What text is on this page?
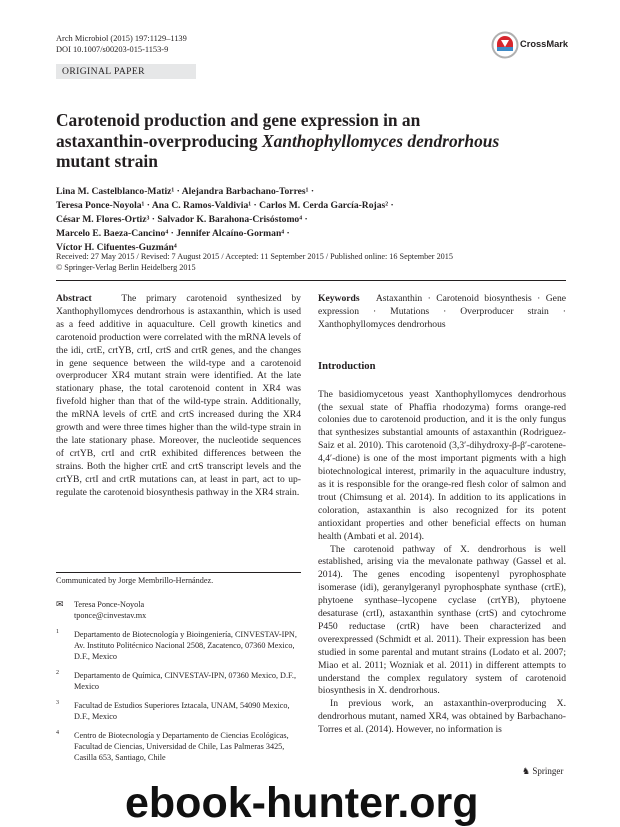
Arch Microbiol (2015) 197:1129–1139
DOI 10.1007/s00203-015-1153-9
ORIGINAL PAPER
CrossMark
Carotenoid production and gene expression in an
astaxanthin-overproducing Xanthophyllomyces dendrorhous
mutant strain
Lina M. Castelblanco-Matiz¹ · Alejandra Barbachano-Torres¹ ·
Teresa Ponce-Noyola¹ · Ana C. Ramos-Valdivia¹ · Carlos M. Cerda García-Rojas² ·
César M. Flores-Ortiz³ · Salvador K. Barahona-Crisóstomo⁴ ·
Marcelo E. Baeza-Cancino⁴ · Jennifer Alcaíno-Gorman⁴ ·
Víctor H. Cifuentes-Guzmán⁴
Received: 27 May 2015 / Revised: 7 August 2015 / Accepted: 11 September 2015 / Published online: 16 September 2015
© Springer-Verlag Berlin Heidelberg 2015

Abstract	The primary carotenoid synthesized by Xanthophyllomyces dendrorhous is astaxanthin, which is used as a feed additive in aquaculture. Cell growth kinetics and carotenoid production were correlated with the mRNA levels of the idi, crtE, crtYB, crtI, crtS and crtR genes, and the changes in gene sequence between the wild-type and a carotenoid overproducer XR4 mutant strain were identified. At the late stationary phase, the total carotenoid content in XR4 was fivefold higher than that of the wild-type strain. Additionally, the mRNA levels of crtE and crtS increased during the XR4 growth and were three times higher than the wild-type strain in the late stationary phase. Moreover, the nucleotide sequences of crtYB, crtI and crtR exhibited differences between the strains. Both the higher crtE and crtS transcript levels and the crtYB, crtI and crtR mutations can, at least in part, act to up-regulate the carotenoid biosynthesis pathway in the XR4 strain.

Keywords Astaxanthin · Carotenoid biosynthesis · Gene expression · Mutations · Overproducer strain · Xanthophyllomyces dendrorhous

Introduction

The basidiomycetous yeast Xanthophyllomyces dendrorhous (the sexual state of Phaffia rhodozyma) forms orange-red colonies due to carotenoid production, and it is the only fungus that synthesizes substantial amounts of astaxanthin (Rodriguez-Saiz et al. 2010). This carotenoid (3,3′-dihydroxy-β-β′-carotene-4,4′-dione) is one of the most important pigments with a high biotechnological interest, primarily in the aquaculture industry, as it is responsible for the orange-red flesh color of salmon and trout (Chimsung et al. 2014). In addition to its applications in coloration, astaxanthin is also recognized for its potent antioxidant properties and other beneficial effects on human health (Ambati et al. 2014).

The carotenoid pathway of X. dendrorhous is well established, arising via the mevalonate pathway (Gassel et al. 2014). The genes encoding isopentenyl pyrophosphate isomerase (idi), geranylgeranyl pyrophosphate synthase (crtE), phytoene synthase–lycopene cyclase (crtYB), phytoene desaturase (crtI), astaxanthin synthase (crtS) and cytochrome P450 reductase (crtR) have been characterized and overexpressed (Schmidt et al. 2011). Their expression has been studied in some parental and mutant strains (Lodato et al. 2007; Miao et al. 2011; Wozniak et al. 2011) in different attempts to understand the complex regulatory system of carotenoid biosynthesis in X. dendrorhous.

In previous work, an astaxanthin-overproducing X. dendrorhous mutant, named XR4, was obtained by Barbachano-Torres et al. (2014). However, no information is

Communicated by Jorge Membrillo-Hernández.
✉ Teresa Ponce-Noyola
tponce@cinvestav.mx
1 Departamento de Biotecnología y Bioingeniería, CINVESTAV-IPN, Av. Instituto Politécnico Nacional 2508, Zacatenco, 07360 Mexico, D.F., Mexico
2 Departamento de Química, CINVESTAV-IPN, 07360 Mexico, D.F., Mexico
3 Facultad de Estudios Superiores Iztacala, UNAM, 54090 Mexico, D.F., Mexico
4 Centro de Biotecnología y Departamento de Ciencias Ecológicas, Facultad de Ciencias, Universidad de Chile, Las Palmeras 3425, Casilla 653, Santiago, Chile
♞ Springer
ebook-hunter.org
